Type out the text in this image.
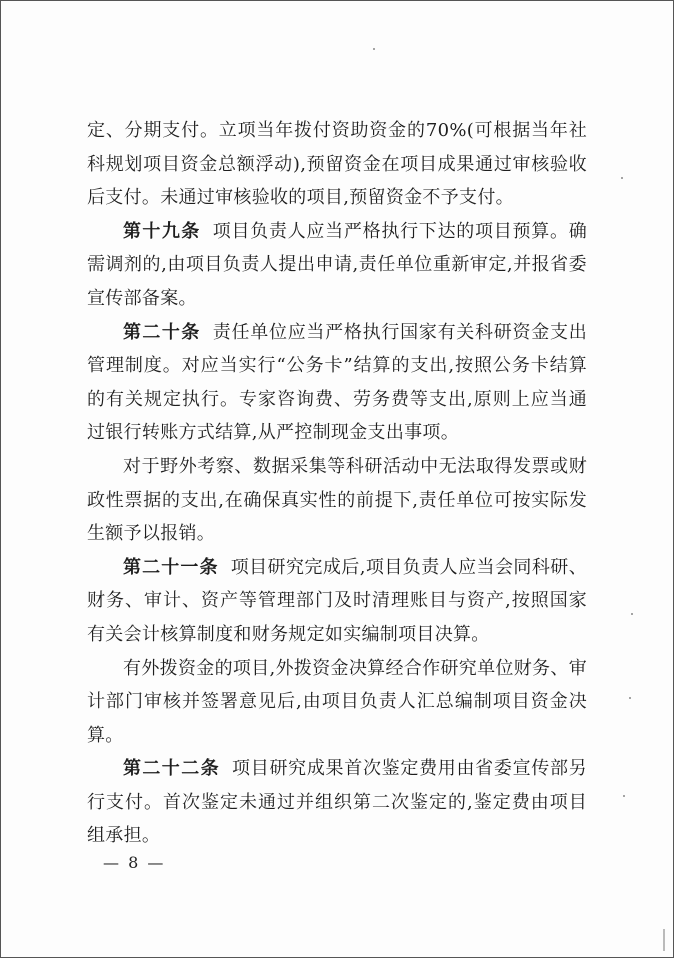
定、分期支付。立项当年拨付资助资金的70%(可根据当年社科规划项目资金总额浮动),预留资金在项目成果通过审核验收后支付。未通过审核验收的项目,预留资金不予支付。

第十九条 项目负责人应当严格执行下达的项目预算。确需调剂的,由项目负责人提出申请,责任单位重新审定,并报省委宣传部备案。

第二十条 责任单位应当严格执行国家有关科研资金支出管理制度。对应当实行“公务卡”结算的支出,按照公务卡结算的有关规定执行。专家咨询费、劳务费等支出,原则上应当通过银行转账方式结算,从严控制现金支出事项。

对于野外考察、数据采集等科研活动中无法取得发票或财政性票据的支出,在确保真实性的前提下,责任单位可按实际发生额予以报销。

第二十一条 项目研究完成后,项目负责人应当会同科研、财务、审计、资产等管理部门及时清理账目与资产,按照国家有关会计核算制度和财务规定如实编制项目决算。

有外拨资金的项目,外拨资金决算经合作研究单位财务、审计部门审核并签署意见后,由项目负责人汇总编制项目资金决算。

第二十二条 项目研究成果首次鉴定费用由省委宣传部另行支付。首次鉴定未通过并组织第二次鉴定的,鉴定费由项目组承担。

— 8 —
